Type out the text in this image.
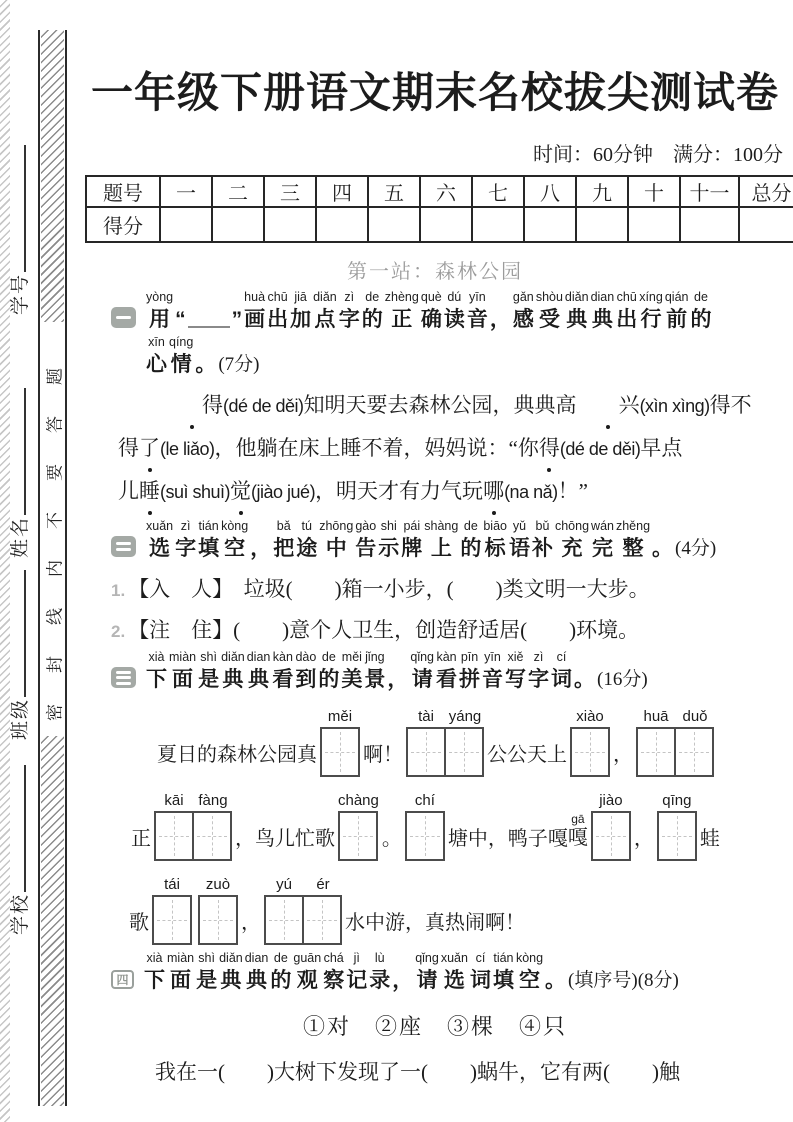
密封线内不要答题
学号
姓名
班级
学校
一年级下册语文期末名校拔尖测试卷
时间：60分钟　满分：100分
题号	一	二	三	四	五	六	七	八	九	十	十一	总分
得分												
第一站：森林公园
yòng
用
“

”
huà
画
chū
出
jiā
加
diǎn
点
zì
字
de
的
zhèng
正
què
确
dú
读
yīn
音
，
gǎn
感
shòu
受
diǎn
典
dian
典
chū
出
xíng
行
qián
前
de
的
xīn
心
qíng
情
。
(7分)
得(dé de děi)知明天要去森林公园，典典高 兴(xìn xìng)得不
得了(le liǎo)，他躺在床上睡不着，妈妈说：“你得(dé de děi)早点
儿睡(suì shuì)觉(jiào jué)，明天才有力气玩哪(na nǎ)！”
xuǎn
选
zì
字
tián
填
kòng
空
，
bǎ
把
tú
途
zhōng
中
gào
告
shi
示
pái
牌
shàng
上
de
的
biāo
标
yǔ
语
bǔ
补
chōng
充
wán
完
zhěng
整
。
(4分)
1. 【入　人】　垃圾(　　)箱一小步，(　　)类文明一大步。
2. 【注　住】(　　)意个人卫生，创造舒适居(　　)环境。
xià
下
miàn
面
shì
是
diǎn
典
dian
典
kàn
看
dào
到
de
的
měi
美
jǐng
景
，
qǐng
请
kàn
看
pīn
拼
yīn
音
xiě
写
zì
字
cí
词
。
(16分)
夏日的森林公园真
měi
啊！
tài yáng
公公天上
xiào
，
huā duǒ
正
kāi fàng
，鸟儿忙歌
chàng
。
chí
塘中，鸭子嘎
gā
嘎
jiào
，
qīng
蛙
歌
tái zuò
，
yú ér
水中游，真热闹啊！
四
xià
下
miàn
面
shì
是
diǎn
典
dian
典
de
的
guān
观
chá
察
jì
记
lù
录
，
qǐng
请
xuǎn
选
cí
词
tián
填
kòng
空
。
(填序号)(8分)
①对　②座　③棵　④只
我在一(　　)大树下发现了一(　　)蜗牛，它有两(　　)触
